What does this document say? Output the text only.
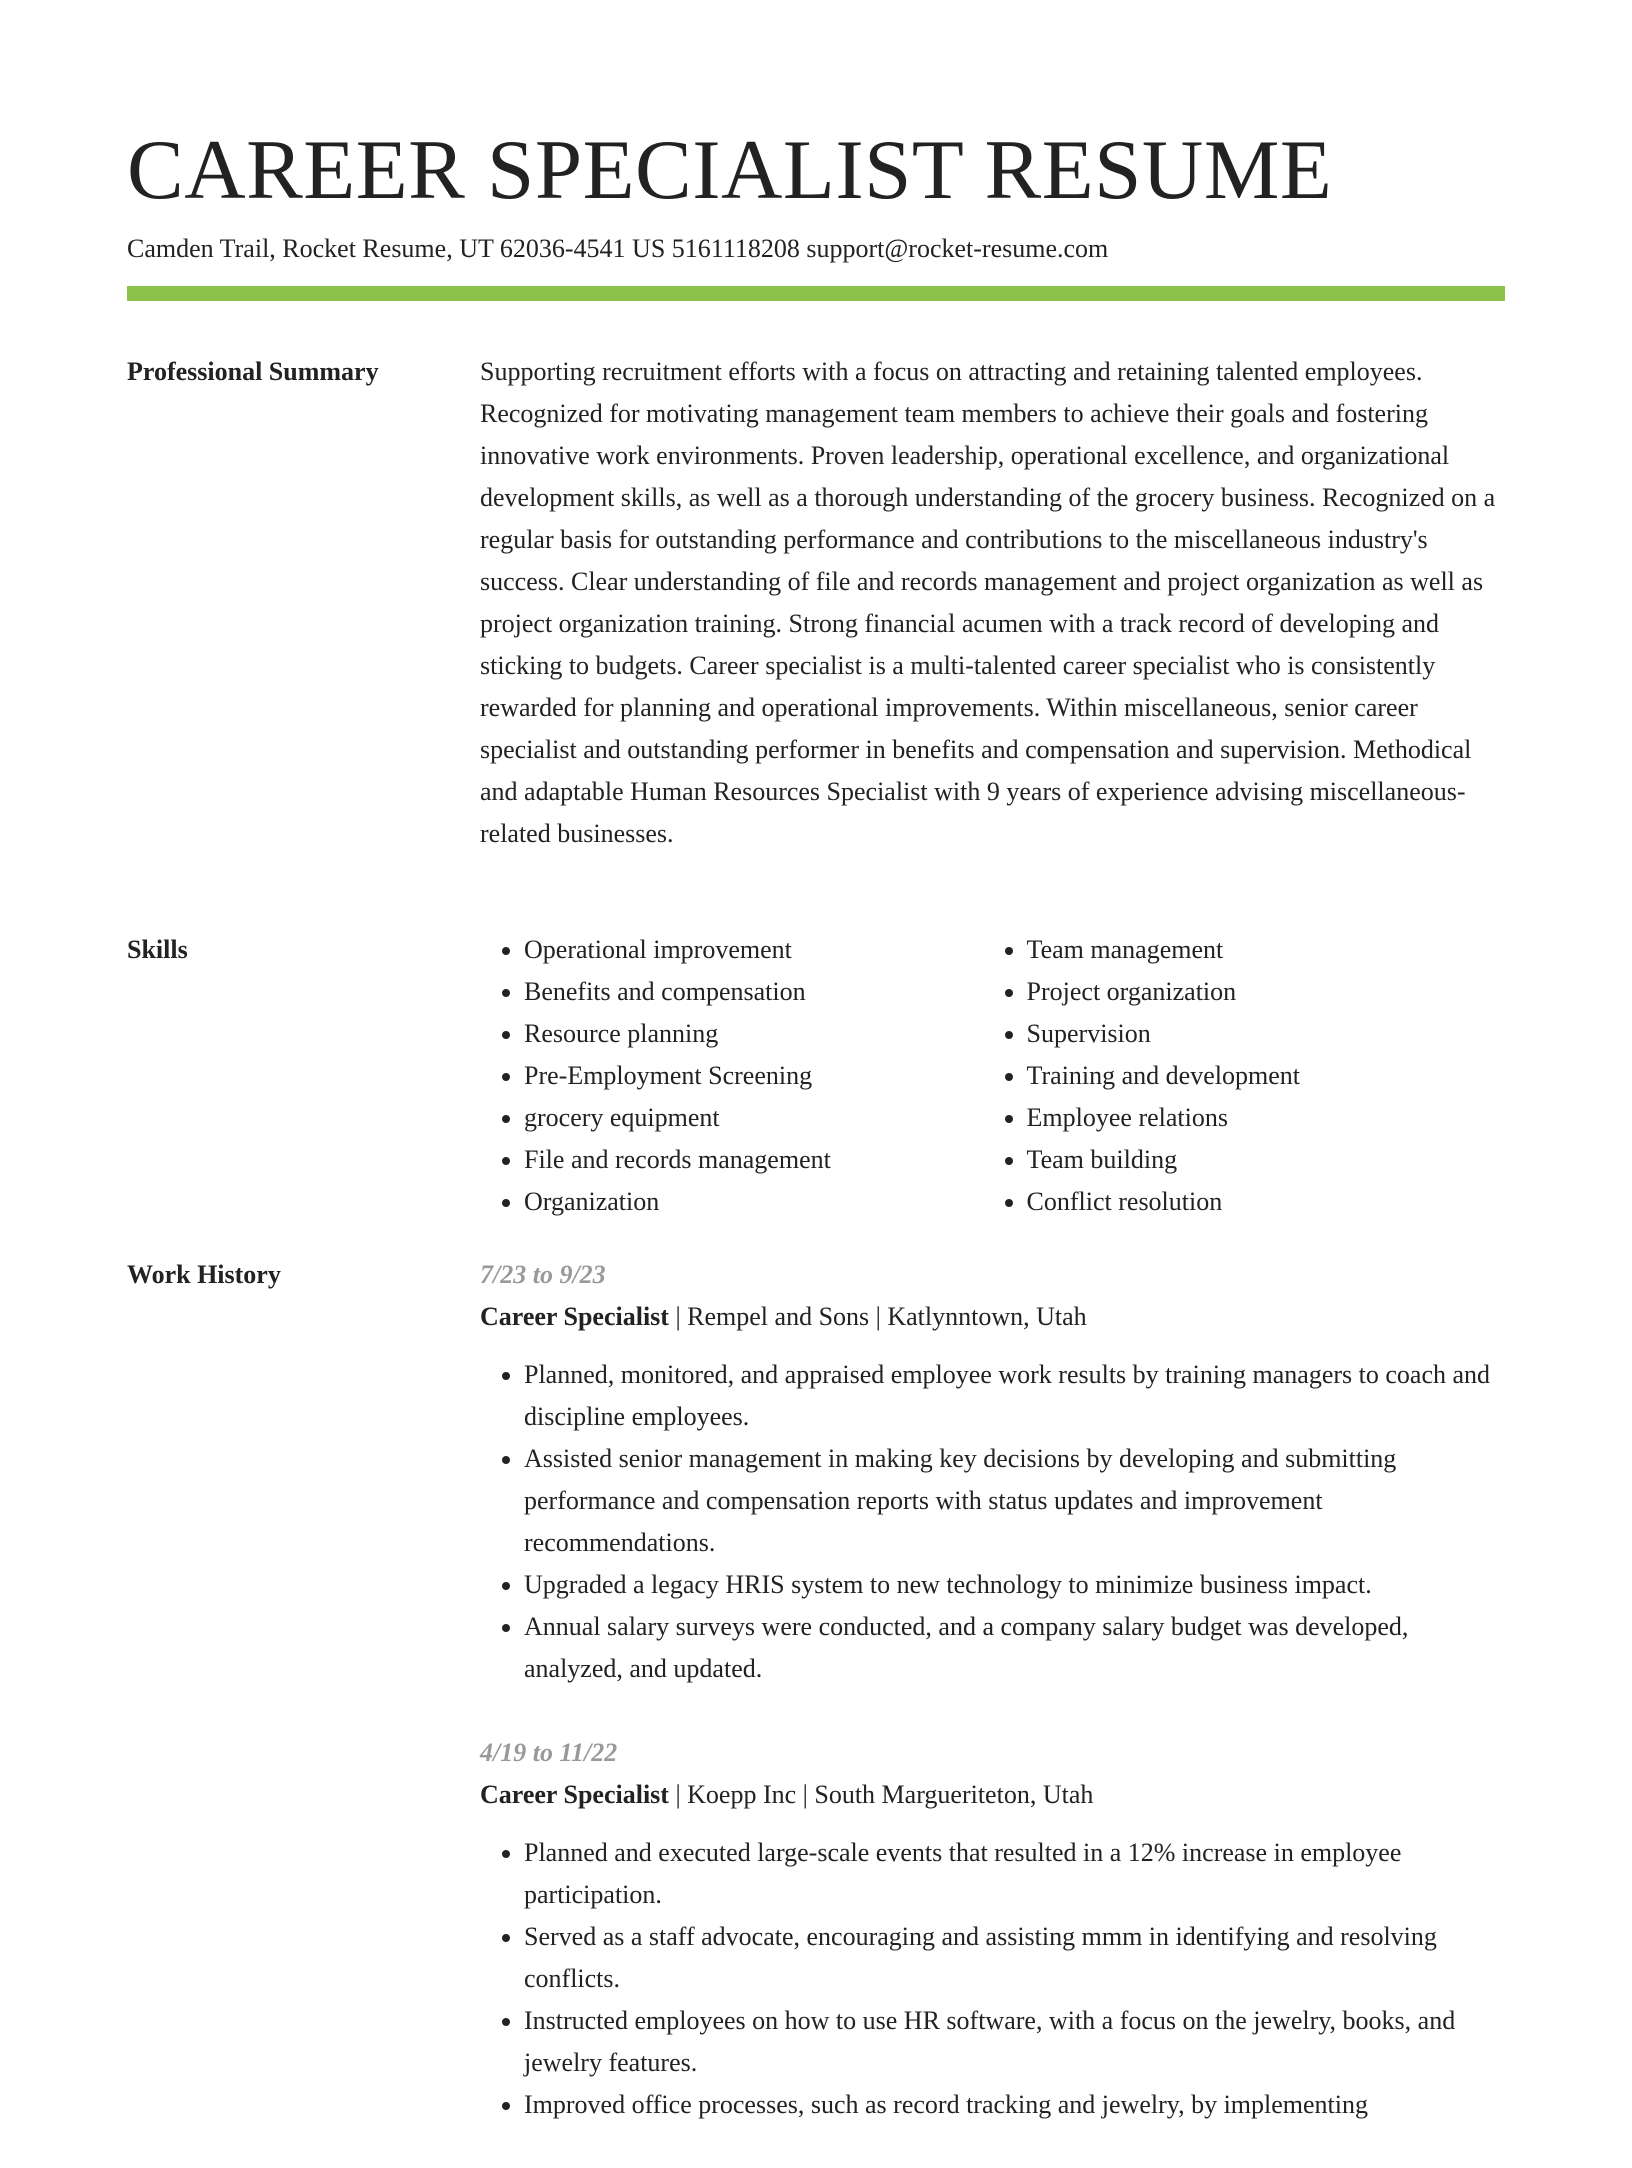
CAREER SPECIALIST RESUME
Camden Trail, Rocket Resume, UT 62036-4541 US 5161118208 support@rocket-resume.com
Professional Summary	Supporting recruitment efforts with a focus on attracting and retaining talented employees. Recognized for motivating management team members to achieve their goals and fostering innovative work environments. Proven leadership, operational excellence, and organizational development skills, as well as a thorough understanding of the grocery business. Recognized on a regular basis for outstanding performance and contributions to the miscellaneous industry's success. Clear understanding of file and records management and project organization as well as project organization training. Strong financial acumen with a track record of developing and sticking to budgets. Career specialist is a multi-talented career specialist who is consistently rewarded for planning and operational improvements. Within miscellaneous, senior career specialist and outstanding performer in benefits and compensation and supervision. Methodical and adaptable Human Resources Specialist with 9 years of experience advising miscellaneous-related businesses.

Skills
•	Operational improvement
• Benefits and compensation
• Resource planning
• Pre-Employment Screening
• grocery equipment
• File and records management
• Organization
• Team management
• Project organization
• Supervision
• Training and development
• Employee relations
• Team building
• Conflict resolution
Work History	7/23 to 9/23
Career Specialist | Rempel and Sons | Katlynntown, Utah
• Planned, monitored, and appraised employee work results by training managers to coach and discipline employees.
• Assisted senior management in making key decisions by developing and submitting performance and compensation reports with status updates and improvement recommendations.
• Upgraded a legacy HRIS system to new technology to minimize business impact.
• Annual salary surveys were conducted, and a company salary budget was developed, analyzed, and updated.
4/19 to 11/22
Career Specialist | Koepp Inc | South Margueriteton, Utah
• Planned and executed large-scale events that resulted in a 12% increase in employee participation.
• Served as a staff advocate, encouraging and assisting mmm in identifying and resolving conflicts.
• Instructed employees on how to use HR software, with a focus on the jewelry, books, and jewelry features.
• Improved office processes, such as record tracking and jewelry, by implementing
